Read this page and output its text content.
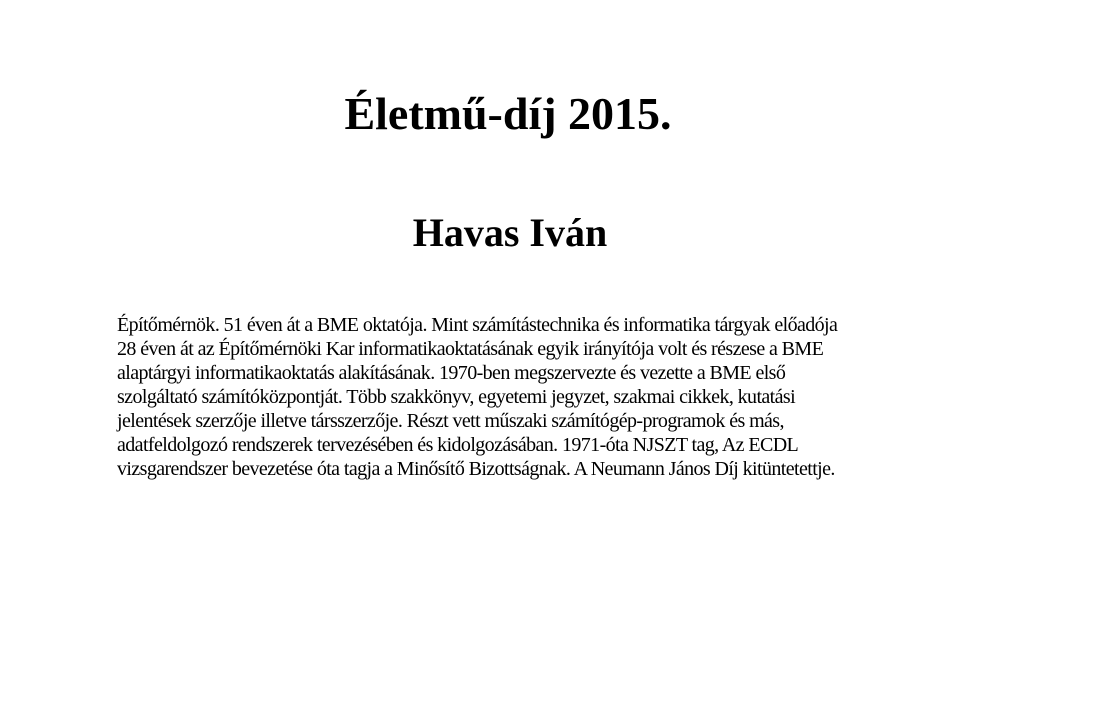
Életmű-díj 2015.
Havas Iván

Építőmérnök. 51 éven át a BME oktatója. Mint számítástechnika és informatika tárgyak előadója
28 éven át az Építőmérnöki Kar informatikaoktatásának egyik irányítója volt és részese a BME
alaptárgyi informatikaoktatás alakításának. 1970-ben megszervezte és vezette a BME első
szolgáltató számítóközpontját. Több szakkönyv, egyetemi jegyzet, szakmai cikkek, kutatási
jelentések szerzője illetve társszerzője. Részt vett műszaki számítógép-programok és más,
adatfeldolgozó rendszerek tervezésében és kidolgozásában. 1971-óta NJSZT tag, Az ECDL
vizsgarendszer bevezetése óta tagja a Minősítő Bizottságnak. A Neumann János Díj kitüntetettje.
